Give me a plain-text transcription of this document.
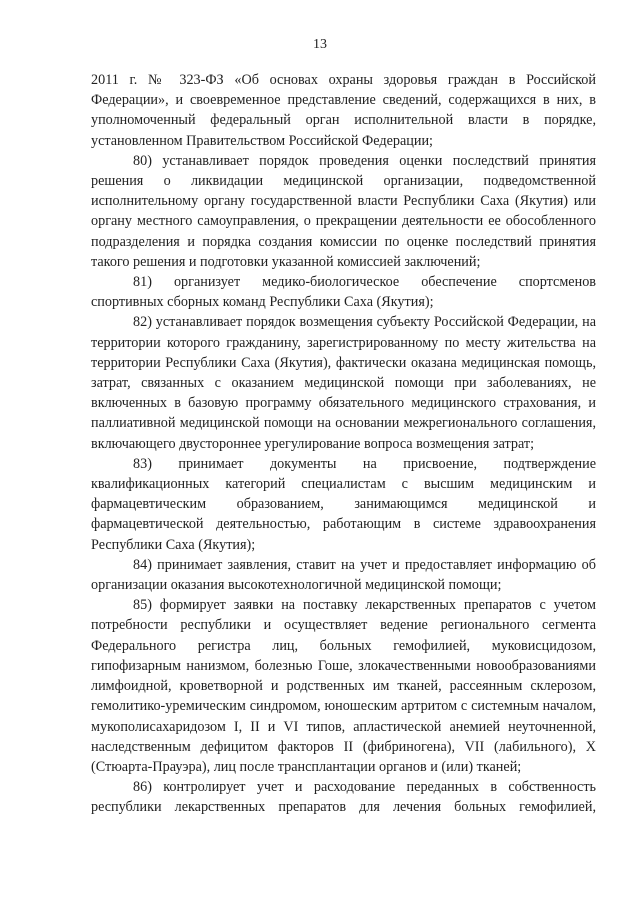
13

2011 г. № 323-ФЗ «Об основах охраны здоровья граждан в Российской Федерации», и своевременное представление сведений, содержащихся в них, в уполномоченный федеральный орган исполнительной власти в порядке, установленном Правительством Российской Федерации;

80) устанавливает порядок проведения оценки последствий принятия решения о ликвидации медицинской организации, подведомственной исполнительному органу государственной власти Республики Саха (Якутия) или органу местного самоуправления, о прекращении деятельности ее обособленного подразделения и порядка создания комиссии по оценке последствий принятия такого решения и подготовки указанной комиссией заключений;

81) организует медико-биологическое обеспечение спортсменов спортивных сборных команд Республики Саха (Якутия);

82) устанавливает порядок возмещения субъекту Российской Федерации, на территории которого гражданину, зарегистрированному по месту жительства на территории Республики Саха (Якутия), фактически оказана медицинская помощь, затрат, связанных с оказанием медицинской помощи при заболеваниях, не включенных в базовую программу обязательного медицинского страхования, и паллиативной медицинской помощи на основании межрегионального соглашения, включающего двустороннее урегулирование вопроса возмещения затрат;

83) принимает документы на присвоение, подтверждение квалификационных категорий специалистам с высшим медицинским и фармацевтическим образованием, занимающимся медицинской и фармацевтической деятельностью, работающим в системе здравоохранения Республики Саха (Якутия);

84) принимает заявления, ставит на учет и предоставляет информацию об организации оказания высокотехнологичной медицинской помощи;

85) формирует заявки на поставку лекарственных препаратов с учетом потребности республики и осуществляет ведение регионального сегмента Федерального регистра лиц, больных гемофилией, муковисцидозом, гипофизарным нанизмом, болезнью Гоше, злокачественными новообразованиями лимфоидной, кроветворной и родственных им тканей, рассеянным склерозом, гемолитико-уремическим синдромом, юношеским артритом с системным началом, мукополисахаридозом I, II и VI типов, апластической анемией неуточненной, наследственным дефицитом факторов II (фибриногена), VII (лабильного), X (Стюарта-Прауэра), лиц после трансплантации органов и (или) тканей;

86) контролирует учет и расходование переданных в собственность республики лекарственных препаратов для лечения больных гемофилией,
